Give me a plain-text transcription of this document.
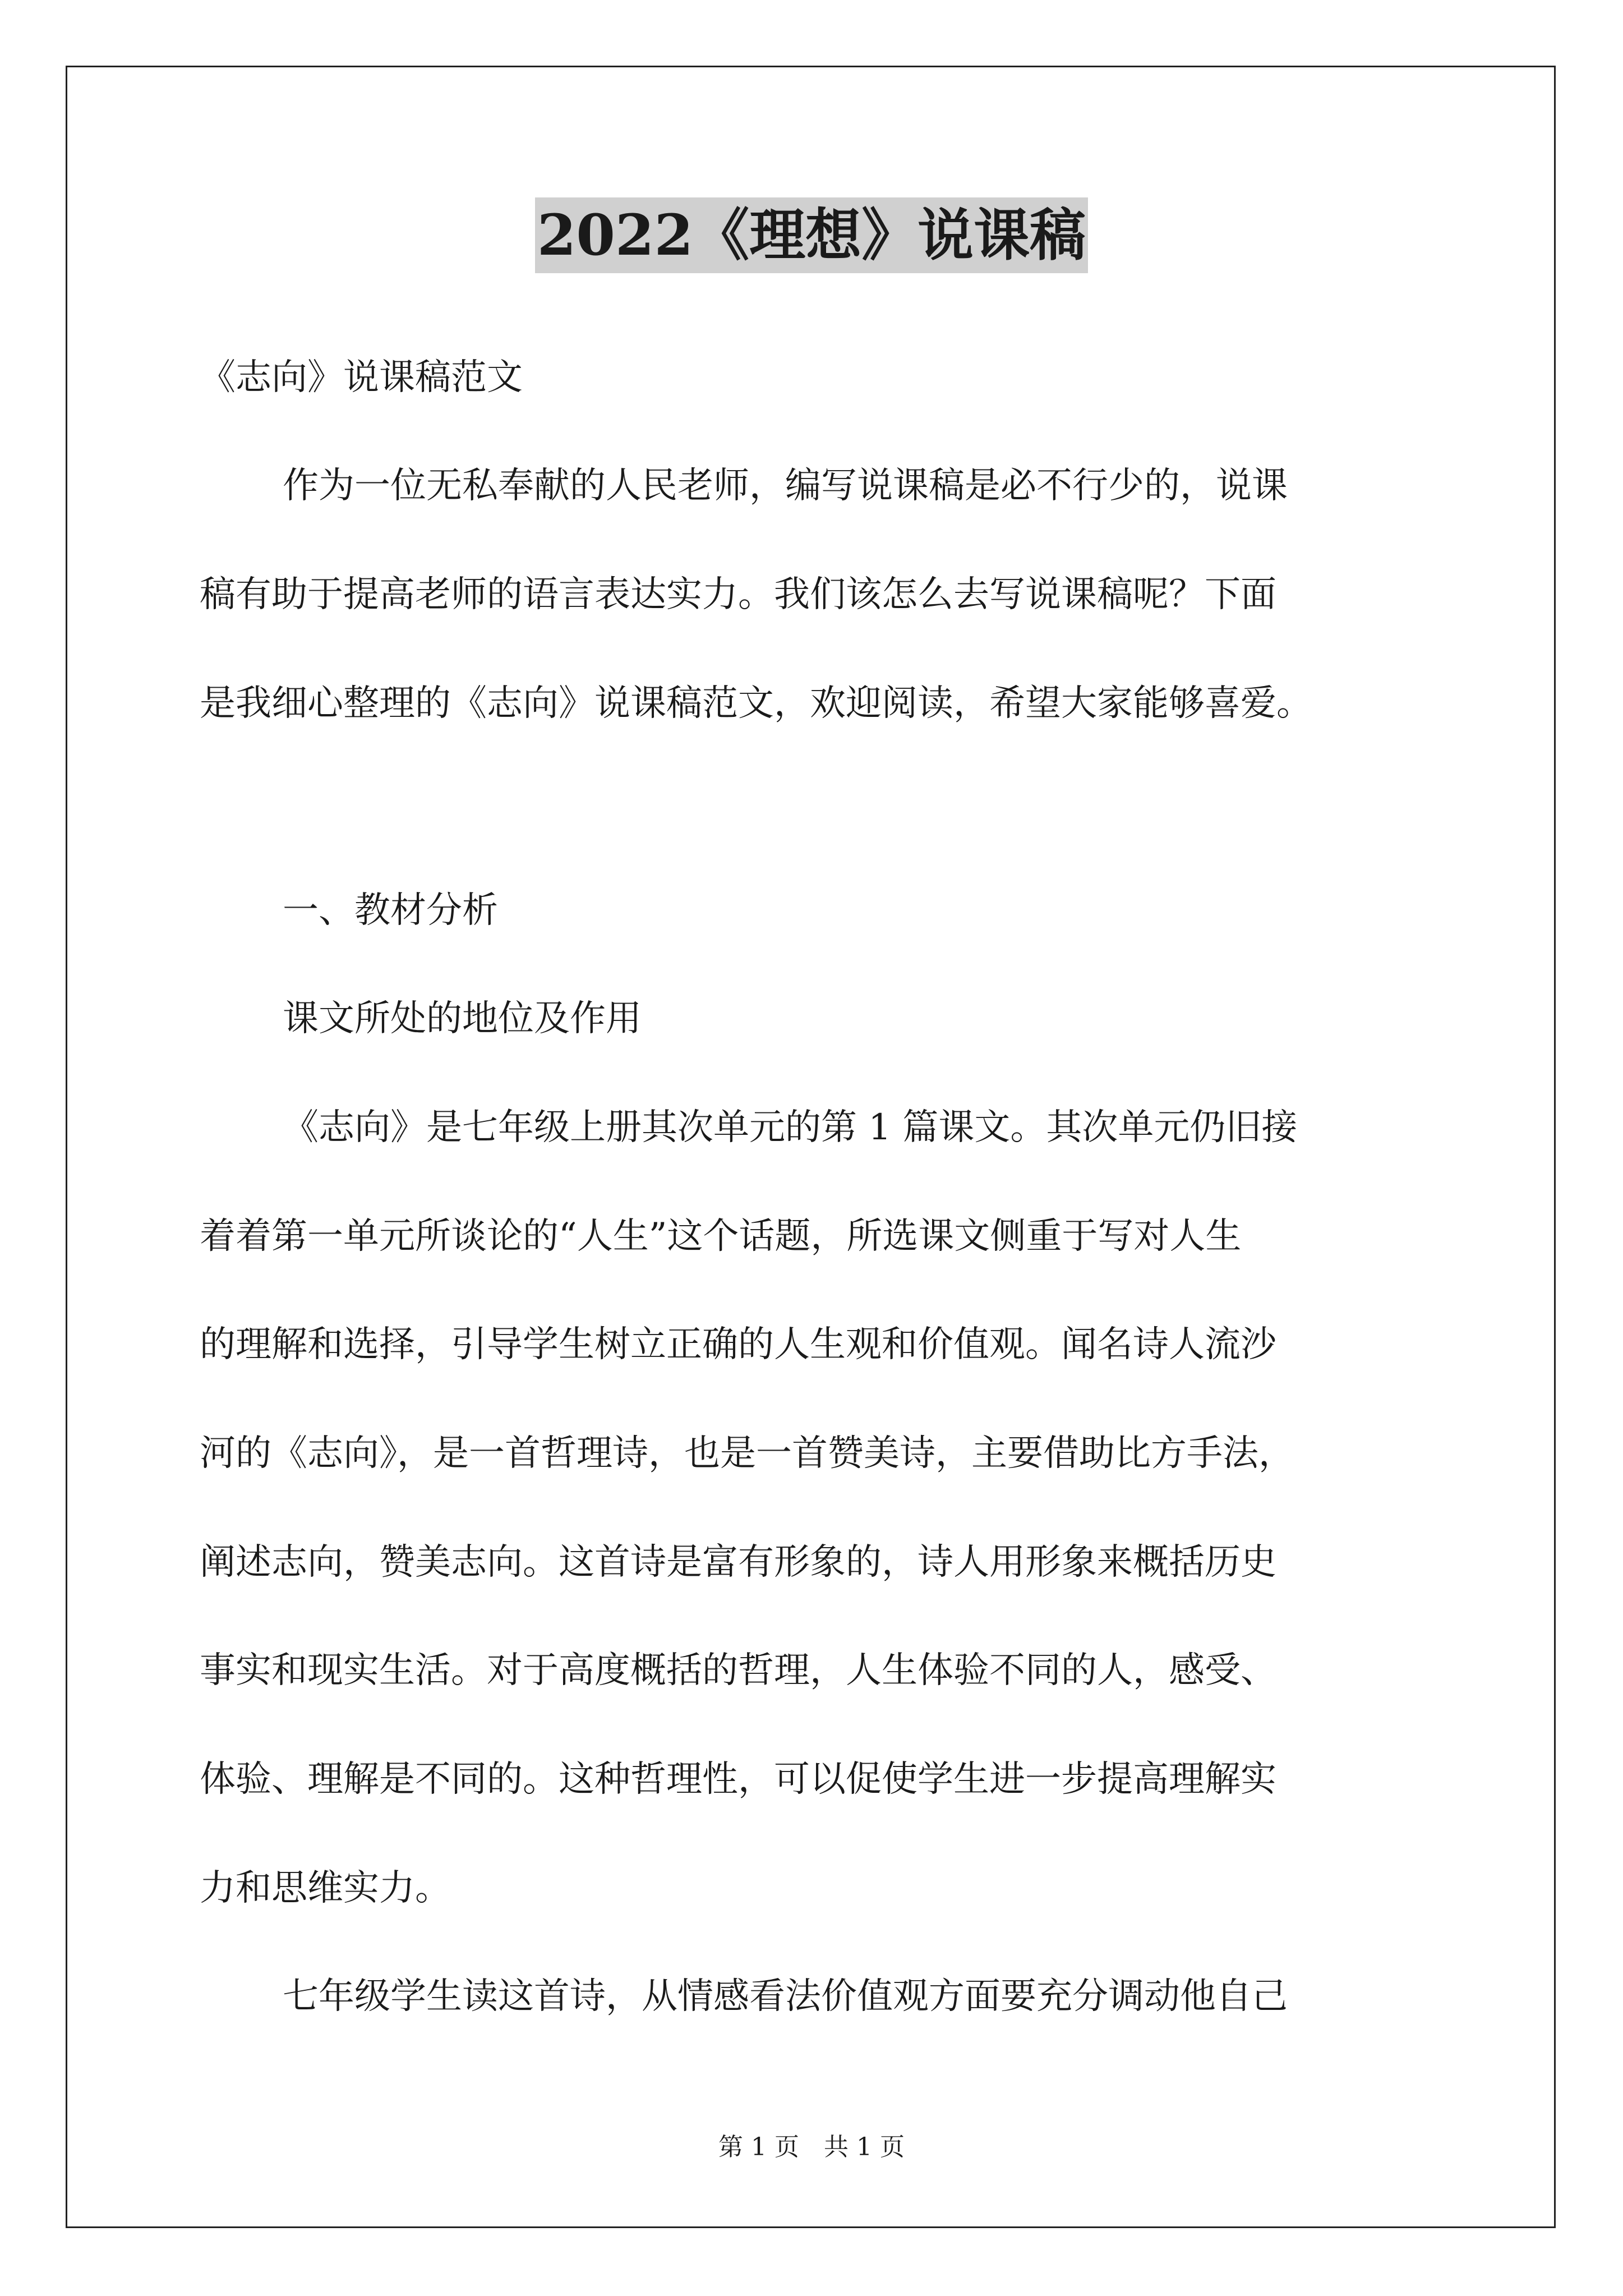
2022《理想》说课稿
《志向》说课稿范文
作为一位无私奉献的人民老师，编写说课稿是必不行少的，说课
稿有助于提高老师的语言表达实力。我们该怎么去写说课稿呢？下面
是我细心整理的《志向》说课稿范文，欢迎阅读，希望大家能够喜爱。
一、教材分析
课文所处的地位及作用
《志向》是七年级上册其次单元的第 1 篇课文。其次单元仍旧接
着着第一单元所谈论的“人生”这个话题，所选课文侧重于写对人生
的理解和选择，引导学生树立正确的人生观和价值观。闻名诗人流沙
河的《志向》，是一首哲理诗，也是一首赞美诗，主要借助比方手法，
阐述志向，赞美志向。这首诗是富有形象的，诗人用形象来概括历史
事实和现实生活。对于高度概括的哲理，人生体验不同的人，感受、
体验、理解是不同的。这种哲理性，可以促使学生进一步提高理解实
力和思维实力。
七年级学生读这首诗，从情感看法价值观方面要充分调动他自己
第 1 页 共 1 页
